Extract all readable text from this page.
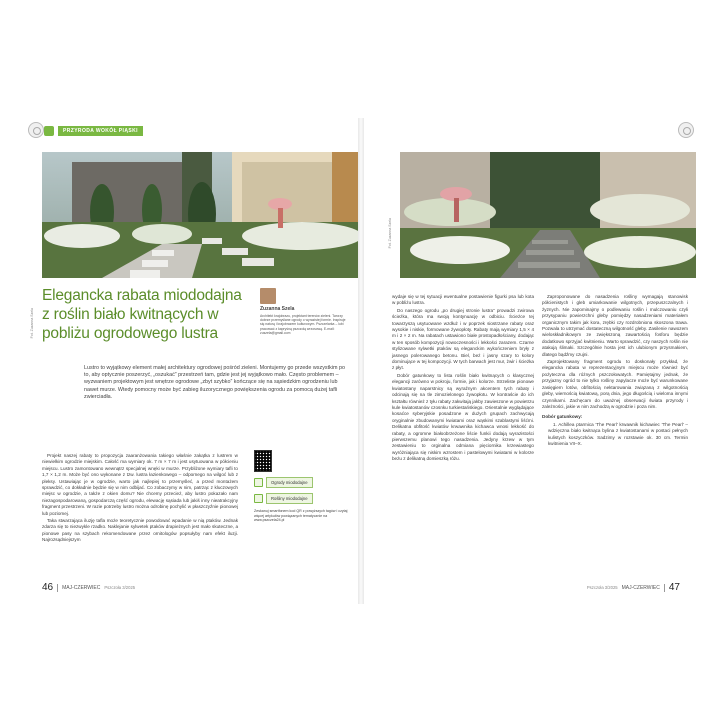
PRZYRODA WOKÓŁ PIĄSKI
Fot. Zuzanna Szela
Elegancka rabata miododajna z roślin biało kwitnących w pobliżu ogrodowego lustra
Zuzanna Szela
Architekt krajobrazu, projektant terenów zieleni. Tworzy dobrze przemyślane ogrody o wyrazistej formie. Inspiruje się naturą i krajobrazem kulturowym. Pszczelarka – lubi pracować z kapryśną pszczołą wrzosową. E-mail: zuszela@gmail.com

Lustro to wyjątkowy element małej architektury ogrodowej pośród zieleni. Montujemy go przede wszystkim po to, aby optycznie poszerzyć, „oszukać” przestrzeń tam, gdzie jest jej wyjątkowo mało. Często problemem – wyzwaniem projektowym jest wnętrze ogrodowe „zbyt szybko” kończące się na sąsiedzkim ogrodzeniu lub nawet murze. Wtedy pomocny może być zabieg iluzorycznego powiększenia ogrodu za pomocą dużej tafli zwierciadła.

Projekt naszej rabaty to propozycja zaaranżowania takiego właśnie zakątka z lustrem w niewielkim ogrodzie miejskim. Całość ma wymiary ok. 7 m × 7 m i jest usytuowana w półcieniu miejscu. Lustro zamontowano wewnątrz specjalnej wnęki w murze. Przybliżone wymiary tafli to 1,7 × 1,2 m. Może być ono wykonane z tzw. lustra łazienkowego – odpornego na wilgoć lub z pleksy. Ustawiając je w ogrodzie, warto jak najlepiej to przemyśleć, a przed montażem sprawdzić, co dokładnie będzie się w nim odbijać. Co zobaczymy w nim, patrząc z kluczowych miejsc w ogrodzie, a także z okien domu? Nie chcemy przecież, aby lustro pokazało nam niezagospodarowaną, gospodarczą część ogrodu, elewację sąsiada lub jakiś inny nieatrakcyjny fragment przestrzeni. W razie potrzeby lustro można odrobinę pochylić w płaszczyźnie pionowej lub poziomej.

Taka stwarzająca iluzję tafla może teoretycznie powodować wpadanie w nią ptaków. Jednak zdarza się to niezwykle rzadko. Naklejanie sylwetek ptaków drapieżnych jest mało skuteczne, a pionowe pasy na szybach rekomendowane przez ornitologów popsułyby nam efekt iluzji. Najrozsądniejszym

Ogrody miododajne
Rośliny miododajne
Zeskanuj smartfonem kod QR z powyższych tagów i czytaj więcej artykułów powiązanych tematycznie na www.pszczela24.pl
46 MAJ-CZERWIEC Pszczoła 3/2025
Fot. Zuzanna Szela

wydaje się w tej sytuacji ewentualne postawienie figurki psa lub kota w pobliżu lustra.

Do naszego ogrodu „po drugiej stronie lustra” prowadzi zwirowa ścieżka, która ma swoją kontynuację w odbiciu. Ścieżce tej towarzyszą usytuowane wzdłuż i w poprzek siostrzane rabaty oraz wysokie i niskie, formowane żywopłoty. Rabaty mają wymiary 1,5 × 4 m i 2 × 2 m. Na rabatach ustawiono białe prostopadłościany, dodając w ten sposób kompozycji nowoczesności i lekkości zarazem. Czarne stylizowane sylwetki ptaków są eleganckim wykończeniem bryły z jasnego polerowanego betonu. Biel, beż i jasny szary to kolory dominujące w tej kompozycji. W tych barwach jest mur, żwir i ścieżka z płyt.

Dobór gatunkowy to lista roślin biało kwitnących o klasycznej elegancji zarówno w pokroju, formie, jak i kolorze. Strzeliste pionowe kwiatostany naparstnicy są wyraźnym akcentem tych rabaty i odcinają się na tle zimozielonego żywopłotu. W kontraście do ich kształtu również z tyłu rabaty zakwitają jakby zawieszone w powietrzu kule kwiatostanów czosnku turkiestańskiego. Orientalnie wyglądające kosaćce syberyjskie posadzone w dużych grupach zachwycają oryginalnie zbudowanymi kwiatami oraz wąskimi szablastymi liśćmi. Delikatna obfitość kwiatów krwawnika kichawca wnosi lekkość do rabaty, a ogromne białoobrzeżone liście funkii dodają wyrazistości pierwszemu planowi tego nasadzenia. Jedyny krzew w tym zestawieniu to orginalna odmiana pięciornika krzewiastego wyróżniająca się niskim wzrostem i pastelowymi kwiatami w kolorze beżu z delikatną domieszką różu.

Zaproponowane do nasadzenia rośliny wymagają stanowisk półcienistych i gleb umiarkowanie wilgotnych, przepuszczalnych i żyznych. Nie zapominajmy o podlewaniu roślin i mulczowaniu czyli przysypaniu powierzchni gleby pomiędzy nasadzeniami materiałem organicznym takim jak kora, zrębki czy rozdrobniona skoszona trawa. Pozwala to utrzymać dostateczną wilgotność gleby. Zasilenie nawozem wieloskładnikowym ze zwiększoną zawartością fosforu będzie dodatkowo sprzyjać kwitnieniu. Warto sprawdzić, czy naszych roślin nie atakują ślimaki. Szczególnie hosta jest ich ulubionym przysmakiem, dlatego bądźmy czujni.

Zaprojektowany fragment ogrodu to doskonały przykład, że elegancka rabata w reprezentacyjnym miejscu może również być pożyteczna dla różnych pszczołowatych. Pamiętajmy jednak, że przyjazny ogród to nie tylko rośliny zapylacze może być warunkowane zasięgiem lotów, obfitością nektarowania związaną z wilgotnością gleby, wiernością kwiatową, porą dnia, jego długością i wieloma innymi czynnikami. Zachęcam do uważnej obserwacji świata przyrody i zależności, jakie w nim zachodzą w ogrodzie i poza nim.

Dobór gatunkowy:

1. Achillea ptarmica 'The Pearl' krwawnik kichawiec 'The Pearl' – wdzięczna biało kwitnąca bylina z kwiatostanami w postaci pełnych kulistych koszyczków. Sadzimy w rozstawie ok. 30 cm. Termin kwitnienia VII–X.

Pszczoła 3/2025 MAJ-CZERWIEC 47
